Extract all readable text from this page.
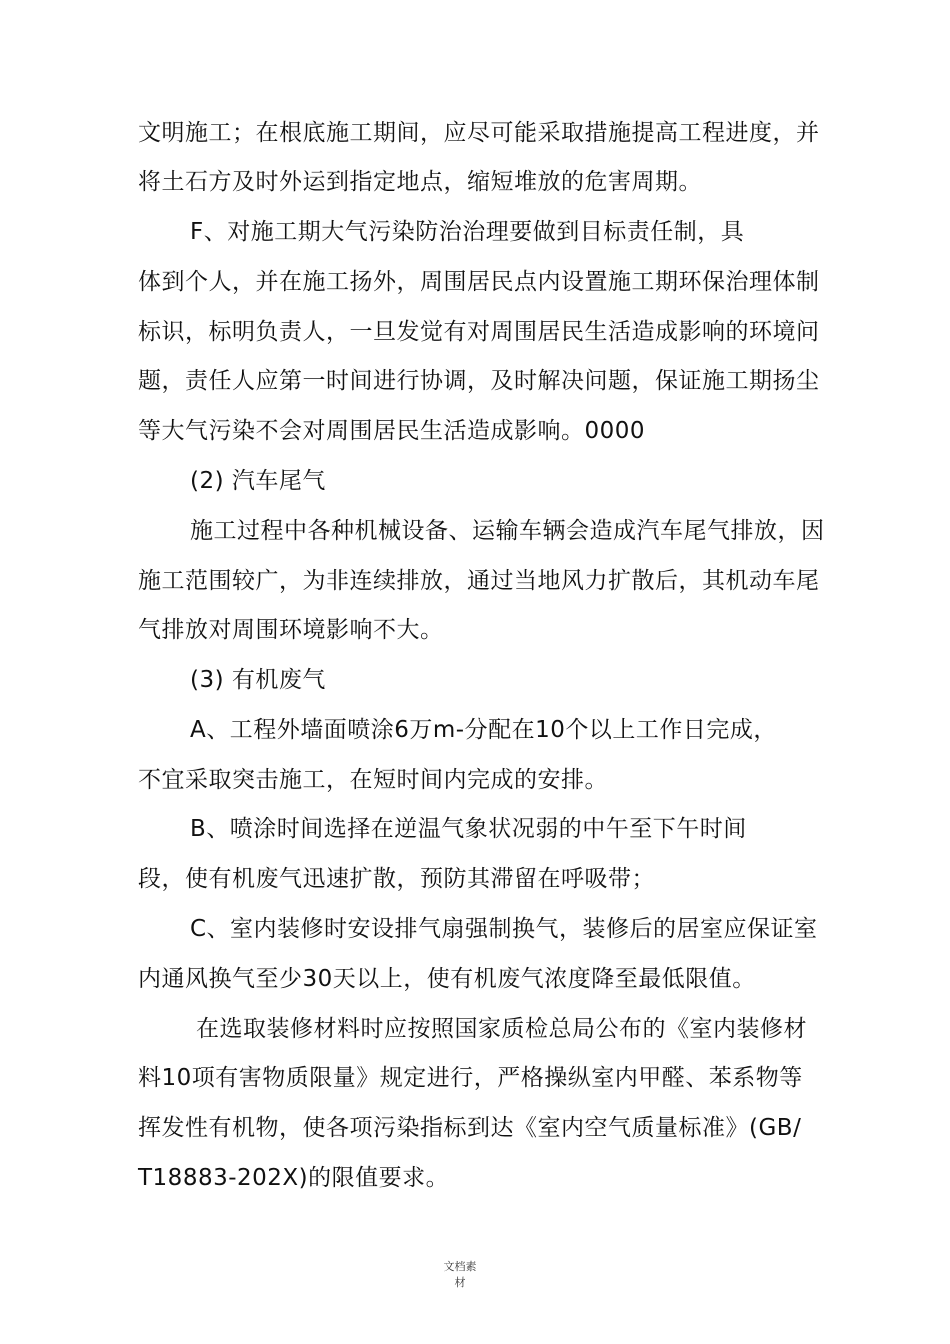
文明施工；在根底施工期间，应尽可能采取措施提高工程进度，并
将土石方及时外运到指定地点，缩短堆放的危害周期。
F、对施工期大气污染防治治理要做到目标责任制，具
体到个人，并在施工扬外，周围居民点内设置施工期环保治理体制
标识，标明负责人，一旦发觉有对周围居民生活造成影响的环境问
题，责任人应第一时间进行协调，及时解决问题，保证施工期扬尘
等大气污染不会对周围居民生活造成影响。0000
(2) 汽车尾气
施工过程中各种机械设备、运输车辆会造成汽车尾气排放，因
施工范围较广，为非连续排放，通过当地风力扩散后，其机动车尾
气排放对周围环境影响不大。
(3) 有机废气
A、工程外墙面喷涂6万m-分配在10个以上工作日完成，
不宜采取突击施工，在短时间内完成的安排。
B、喷涂时间选择在逆温气象状况弱的中午至下午时间
段，使有机废气迅速扩散，预防其滞留在呼吸带；
C、室内装修时安设排气扇强制换气，装修后的居室应保证室
内通风换气至少30天以上，使有机废气浓度降至最低限值。
在选取装修材料时应按照国家质检总局公布的《室内装修材
料10项有害物质限量》规定进行，严格操纵室内甲醛、苯系物等
挥发性有机物，使各项污染指标到达《室内空气质量标准》(GB/
T18883-202X)的限值要求。
文档素
材
